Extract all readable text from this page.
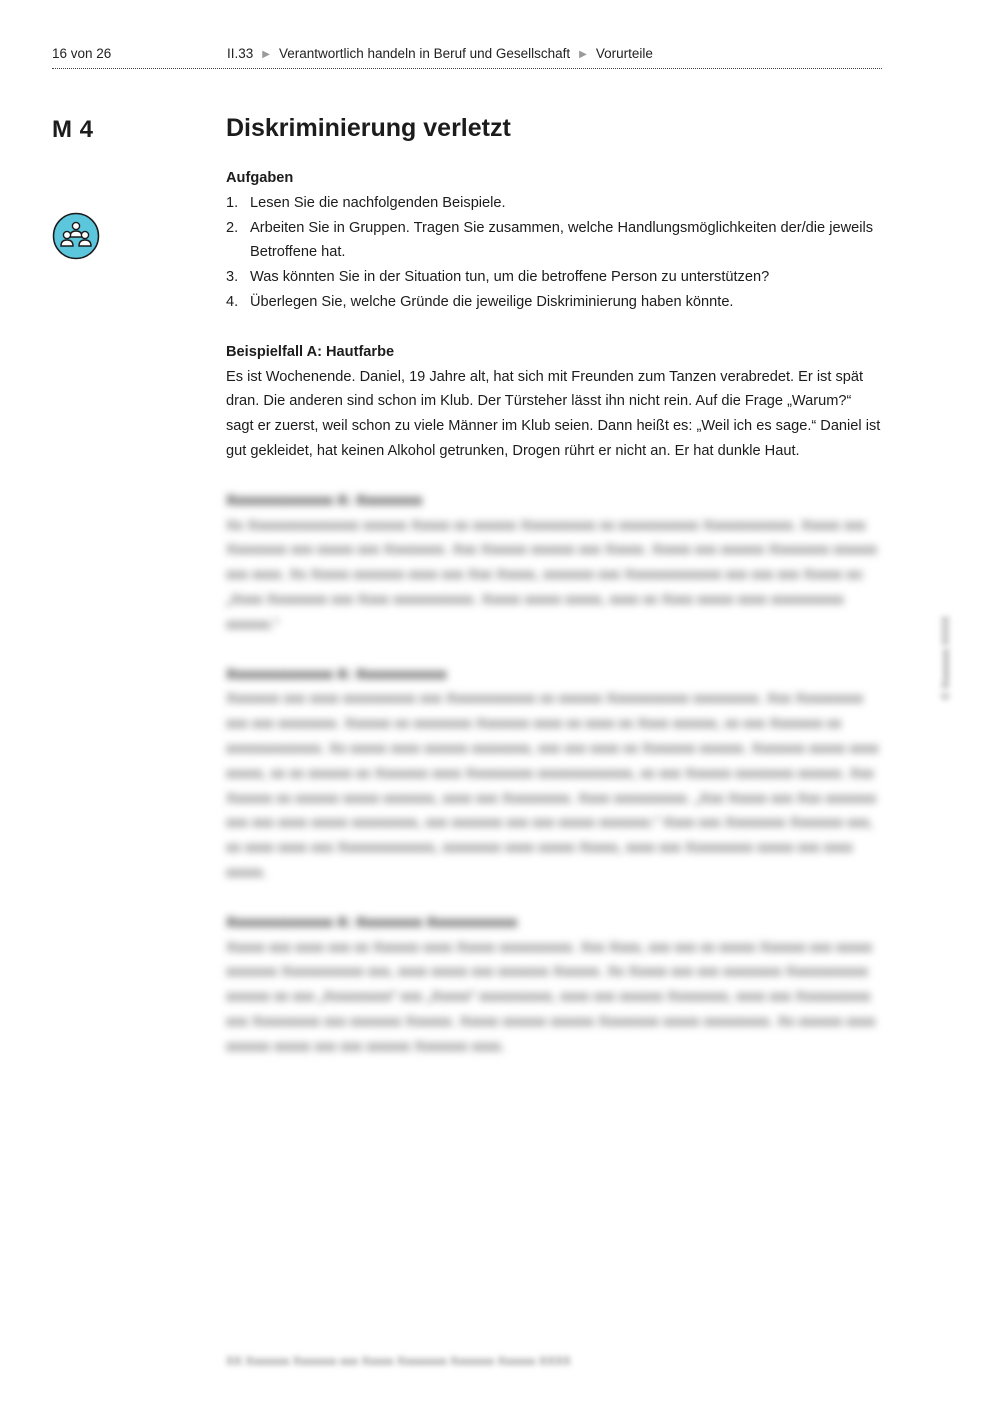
16 von 26	II.33 ▶ Verantwortlich handeln in Beruf und Gesellschaft ▶ Vorurteile
M 4	Diskriminierung verletzt

Aufgaben

1. Lesen Sie die nachfolgenden Beispiele.
2. Arbeiten Sie in Gruppen. Tragen Sie zusammen, welche Handlungsmöglichkeiten der/die jeweils Betroffene hat.
3. Was könnten Sie in der Situation tun, um die betroffene Person zu unterstützen?
4. Überlegen Sie, welche Gründe die jeweilige Diskriminierung haben könnte.

Beispielfall A: Hautfarbe

Es ist Wochenende. Daniel, 19 Jahre alt, hat sich mit Freunden zum Tanzen verabredet. Er ist spät dran. Die anderen sind schon im Klub. Der Türsteher lässt ihn nicht rein. Auf die Frage „Warum?“ sagt er zuerst, weil schon zu viele Männer im Klub seien. Dann heißt es: „Weil ich es sage.“ Daniel ist gut gekleidet, hat keinen Alkohol getrunken, Drogen rührt er nicht an. Er hat dunkle Haut.

Xxxxxxxxxxxxx X: Xxxxxxxx

Xx Xxxxxxxxxxxxxxx xxxxxx Xxxxx xx xxxxxx Xxxxxxxxxx xx xxxxxxxxxxx Xxxxxxxxxxxx. Xxxxx xxx Xxxxxxxx xxx xxxxx xxx Xxxxxxxx. Xxx Xxxxxx xxxxxx xxx Xxxxx. Xxxxx xxx xxxxxx Xxxxxxxx xxxxxx xxx xxxx. Xx Xxxxx xxxxxxx xxxx xxx Xxx Xxxxx, xxxxxxx xxx Xxxxxxxxxxxxx xxx xxx xxx Xxxxx xx: „Xxxx Xxxxxxxx xxx Xxxx xxxxxxxxxxx. Xxxxx xxxxx xxxxx, xxxx xx Xxxx xxxxx xxxx xxxxxxxxxx xxxxxx.“

Xxxxxxxxxxxxx X: Xxxxxxxxxxx

Xxxxxxx xxx xxxx xxxxxxxxxx xxx Xxxxxxxxxxxx xx xxxxxx Xxxxxxxxxxx xxxxxxxxx. Xxx Xxxxxxxxx xxx xxx xxxxxxxx. Xxxxxx xx xxxxxxxx Xxxxxxx xxxx xx xxxx xx Xxxx xxxxxx, xx xxx Xxxxxxx xx xxxxxxxxxxxxx. Xx xxxxx xxxx xxxxxx xxxxxxxx, xxx xxx xxxx xx Xxxxxxx xxxxxx. Xxxxxxx xxxxx xxxx xxxxx, xx xx xxxxxx xx Xxxxxxx xxxx Xxxxxxxxx xxxxxxxxxxxxx, xx xxx Xxxxxx xxxxxxxx xxxxxx. Xxx Xxxxxx xx xxxxxx xxxxx xxxxxxx, xxxx xxx Xxxxxxxxx. Xxxx xxxxxxxxxx. „Xxx Xxxxx xxx Xxx xxxxxxx xxx xxx xxxx xxxxx xxxxxxxxx, xxx xxxxxxx xxx xxx xxxxx xxxxxxx.“ Xxxx xxx Xxxxxxxx Xxxxxxx xxx, xx xxxx xxxx xxx Xxxxxxxxxxxxx, xxxxxxxx xxxx xxxxx Xxxxx, xxxx xxx Xxxxxxxxx xxxxx xxx xxxx xxxxx.

Xxxxxxxxxxxxx X: Xxxxxxxx Xxxxxxxxxxx

Xxxxx xxx xxxx xxx xx Xxxxxx xxxx Xxxxx xxxxxxxxxx. Xxx Xxxx, xxx xxx xx xxxxx Xxxxxx xxx xxxxx xxxxxxx Xxxxxxxxxxx xxx, xxxx xxxxx xxx xxxxxxx Xxxxxx. Xx Xxxxx xxx xxx xxxxxxxx Xxxxxxxxxxx xxxxxx xx xxx „Xxxxxxxxx“ xxx „Xxxxx“ xxxxxxxxxx, xxxx xxx xxxxxx Xxxxxxxx, xxxx xxx Xxxxxxxxxx xxx Xxxxxxxxx xxx xxxxxxx Xxxxxx. Xxxxx xxxxxx xxxxxx Xxxxxxxx xxxxx xxxxxxxxx. Xx xxxxxx xxxx xxxxxx xxxxx xxx xxx xxxxxx Xxxxxxx xxxx.

© Xxxxxxx XXXX
XX Xxxxxxx Xxxxxxx xxx Xxxxx Xxxxxxxx Xxxxxxx Xxxxxx XXXX
